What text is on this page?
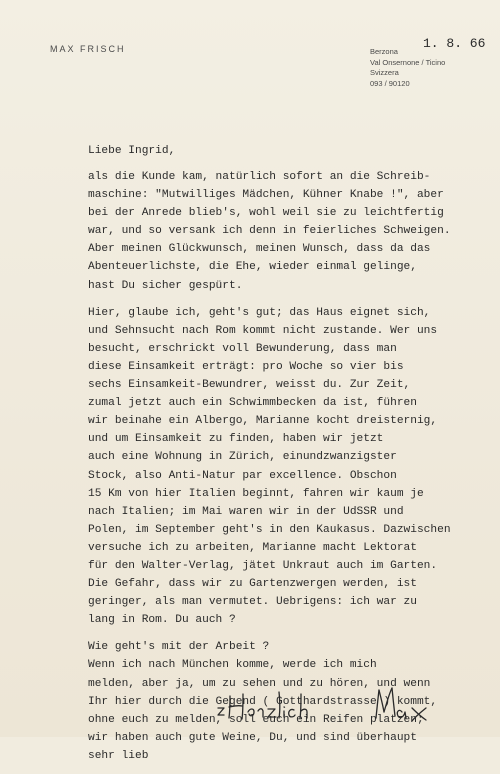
MAX FRISCH	Berzona
Val Onsernone / Ticino
Svizzera
093 / 90120
1. 8. 66
Liebe Ingrid,
als die Kunde kam, natürlich sofort an die Schreib-
maschine: "Mutwilliges Mädchen, Kühner Knabe !", aber
bei der Anrede blieb's, wohl weil sie zu leichtfertig
war, und so versank ich denn in feierliches Schweigen.
Aber meinen Glückwunsch, meinen Wunsch, dass da das
Abenteuerlichste, die Ehe, wieder einmal gelinge,
hast Du sicher gespürt.
Hier, glaube ich, geht's gut; das Haus eignet sich,
und Sehnsucht nach Rom kommt nicht zustande. Wer uns
besucht, erschrickt voll Bewunderung, dass man
diese Einsamkeit erträgt: pro Woche so vier bis
sechs Einsamkeit-Bewundrer, weisst du. Zur Zeit,
zumal jetzt auch ein Schwimmbecken da ist, führen
wir beinahe ein Albergo, Marianne kocht dreisternig,
und um Einsamkeit zu finden, haben wir jetzt
auch eine Wohnung in Zürich, einundzwanzigster
Stock, also Anti-Natur par excellence. Obschon
15 Km von hier Italien beginnt, fahren wir kaum je
nach Italien; im Mai waren wir in der UdSSR und
Polen, im September geht's in den Kaukasus. Dazwischen
versuche ich zu arbeiten, Marianne macht Lektorat
für den Walter-Verlag, jätet Unkraut auch im Garten.
Die Gefahr, dass wir zu Gartenzwergen werden, ist
geringer, als man vermutet. Uebrigens: ich war zu
lang in Rom. Du auch ?
Wie geht's mit der Arbeit ?
Wenn ich nach München komme, werde ich mich
melden, aber ja, um zu sehen und zu hören, und wenn
Ihr hier durch die Gegend ( Gotthardstrasse ) kommt,
ohne euch zu melden, soll euch ein Reifen platzen;
wir haben auch gute Weine, Du, und sind überhaupt
sehr lieb
